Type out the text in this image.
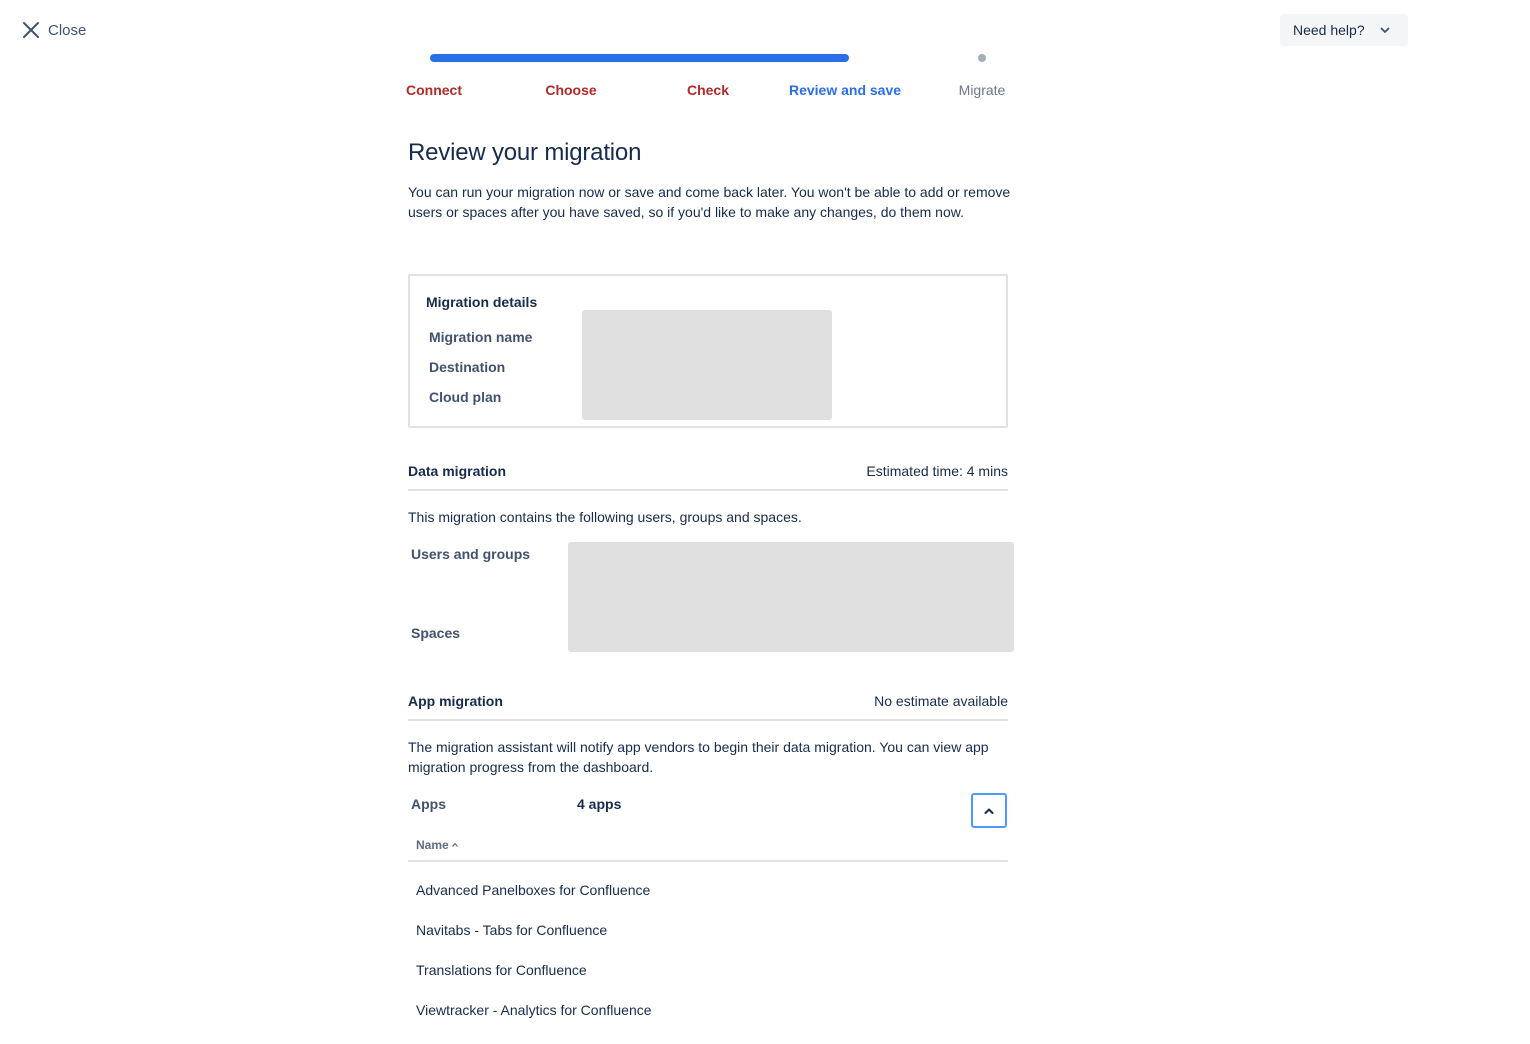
Close	Need help?
Connect	Choose	Check	Review and save	Migrate
Review your migration

You can run your migration now or save and come back later. You won't be able to add or remove users or spaces after you have saved, so if you'd like to make any changes, do them now.

Migration details
Migration name
Destination
Cloud plan
Data migration	Estimated time: 4 mins

This migration contains the following users, groups and spaces.

Users and groups
Spaces
App migration	No estimate available

The migration assistant will notify app vendors to begin their data migration. You can view app migration progress from the dashboard.

Apps	4 apps
Name
Advanced Panelboxes for Confluence
Navitabs - Tabs for Confluence
Translations for Confluence
Viewtracker - Analytics for Confluence
